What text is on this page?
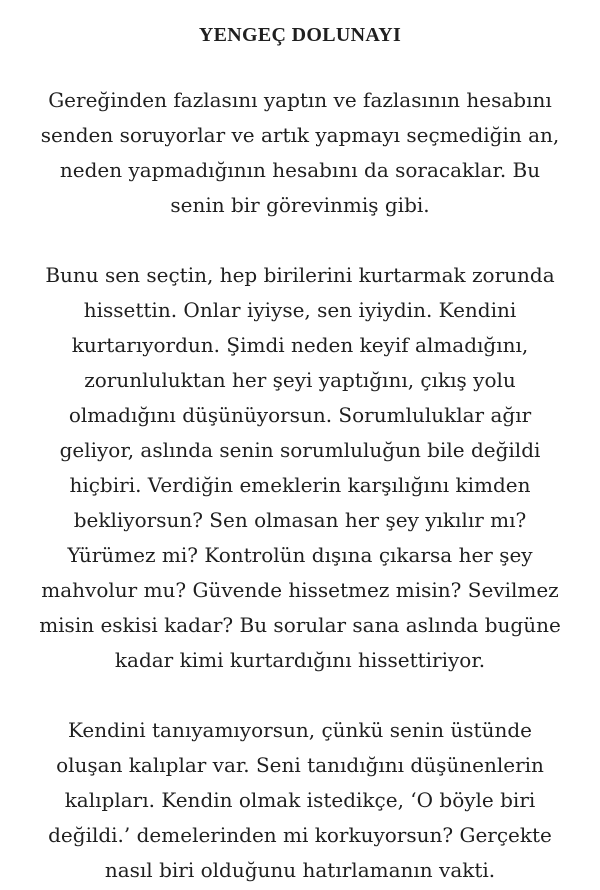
YENGEÇ DOLUNAYI
Gereğinden fazlasını yaptın ve fazlasının hesabını
senden soruyorlar ve artık yapmayı seçmediğin an,
neden yapmadığının hesabını da soracaklar. Bu
senin bir görevinmiş gibi.
Bunu sen seçtin, hep birilerini kurtarmak zorunda
hissettin. Onlar iyiyse, sen iyiydin. Kendini
kurtarıyordun. Şimdi neden keyif almadığını,
zorunluluktan her şeyi yaptığını, çıkış yolu
olmadığını düşünüyorsun. Sorumluluklar ağır
geliyor, aslında senin sorumluluğun bile değildi
hiçbiri. Verdiğin emeklerin karşılığını kimden
bekliyorsun? Sen olmasan her şey yıkılır mı?
Yürümez mi? Kontrolün dışına çıkarsa her şey
mahvolur mu? Güvende hissetmez misin? Sevilmez
misin eskisi kadar? Bu sorular sana aslında bugüne
kadar kimi kurtardığını hissettiriyor.
Kendini tanıyamıyorsun, çünkü senin üstünde
oluşan kalıplar var. Seni tanıdığını düşünenlerin
kalıpları. Kendin olmak istedikçe, ‘O böyle biri
değildi.’ demelerinden mi korkuyorsun? Gerçekte
nasıl biri olduğunu hatırlamanın vakti.
